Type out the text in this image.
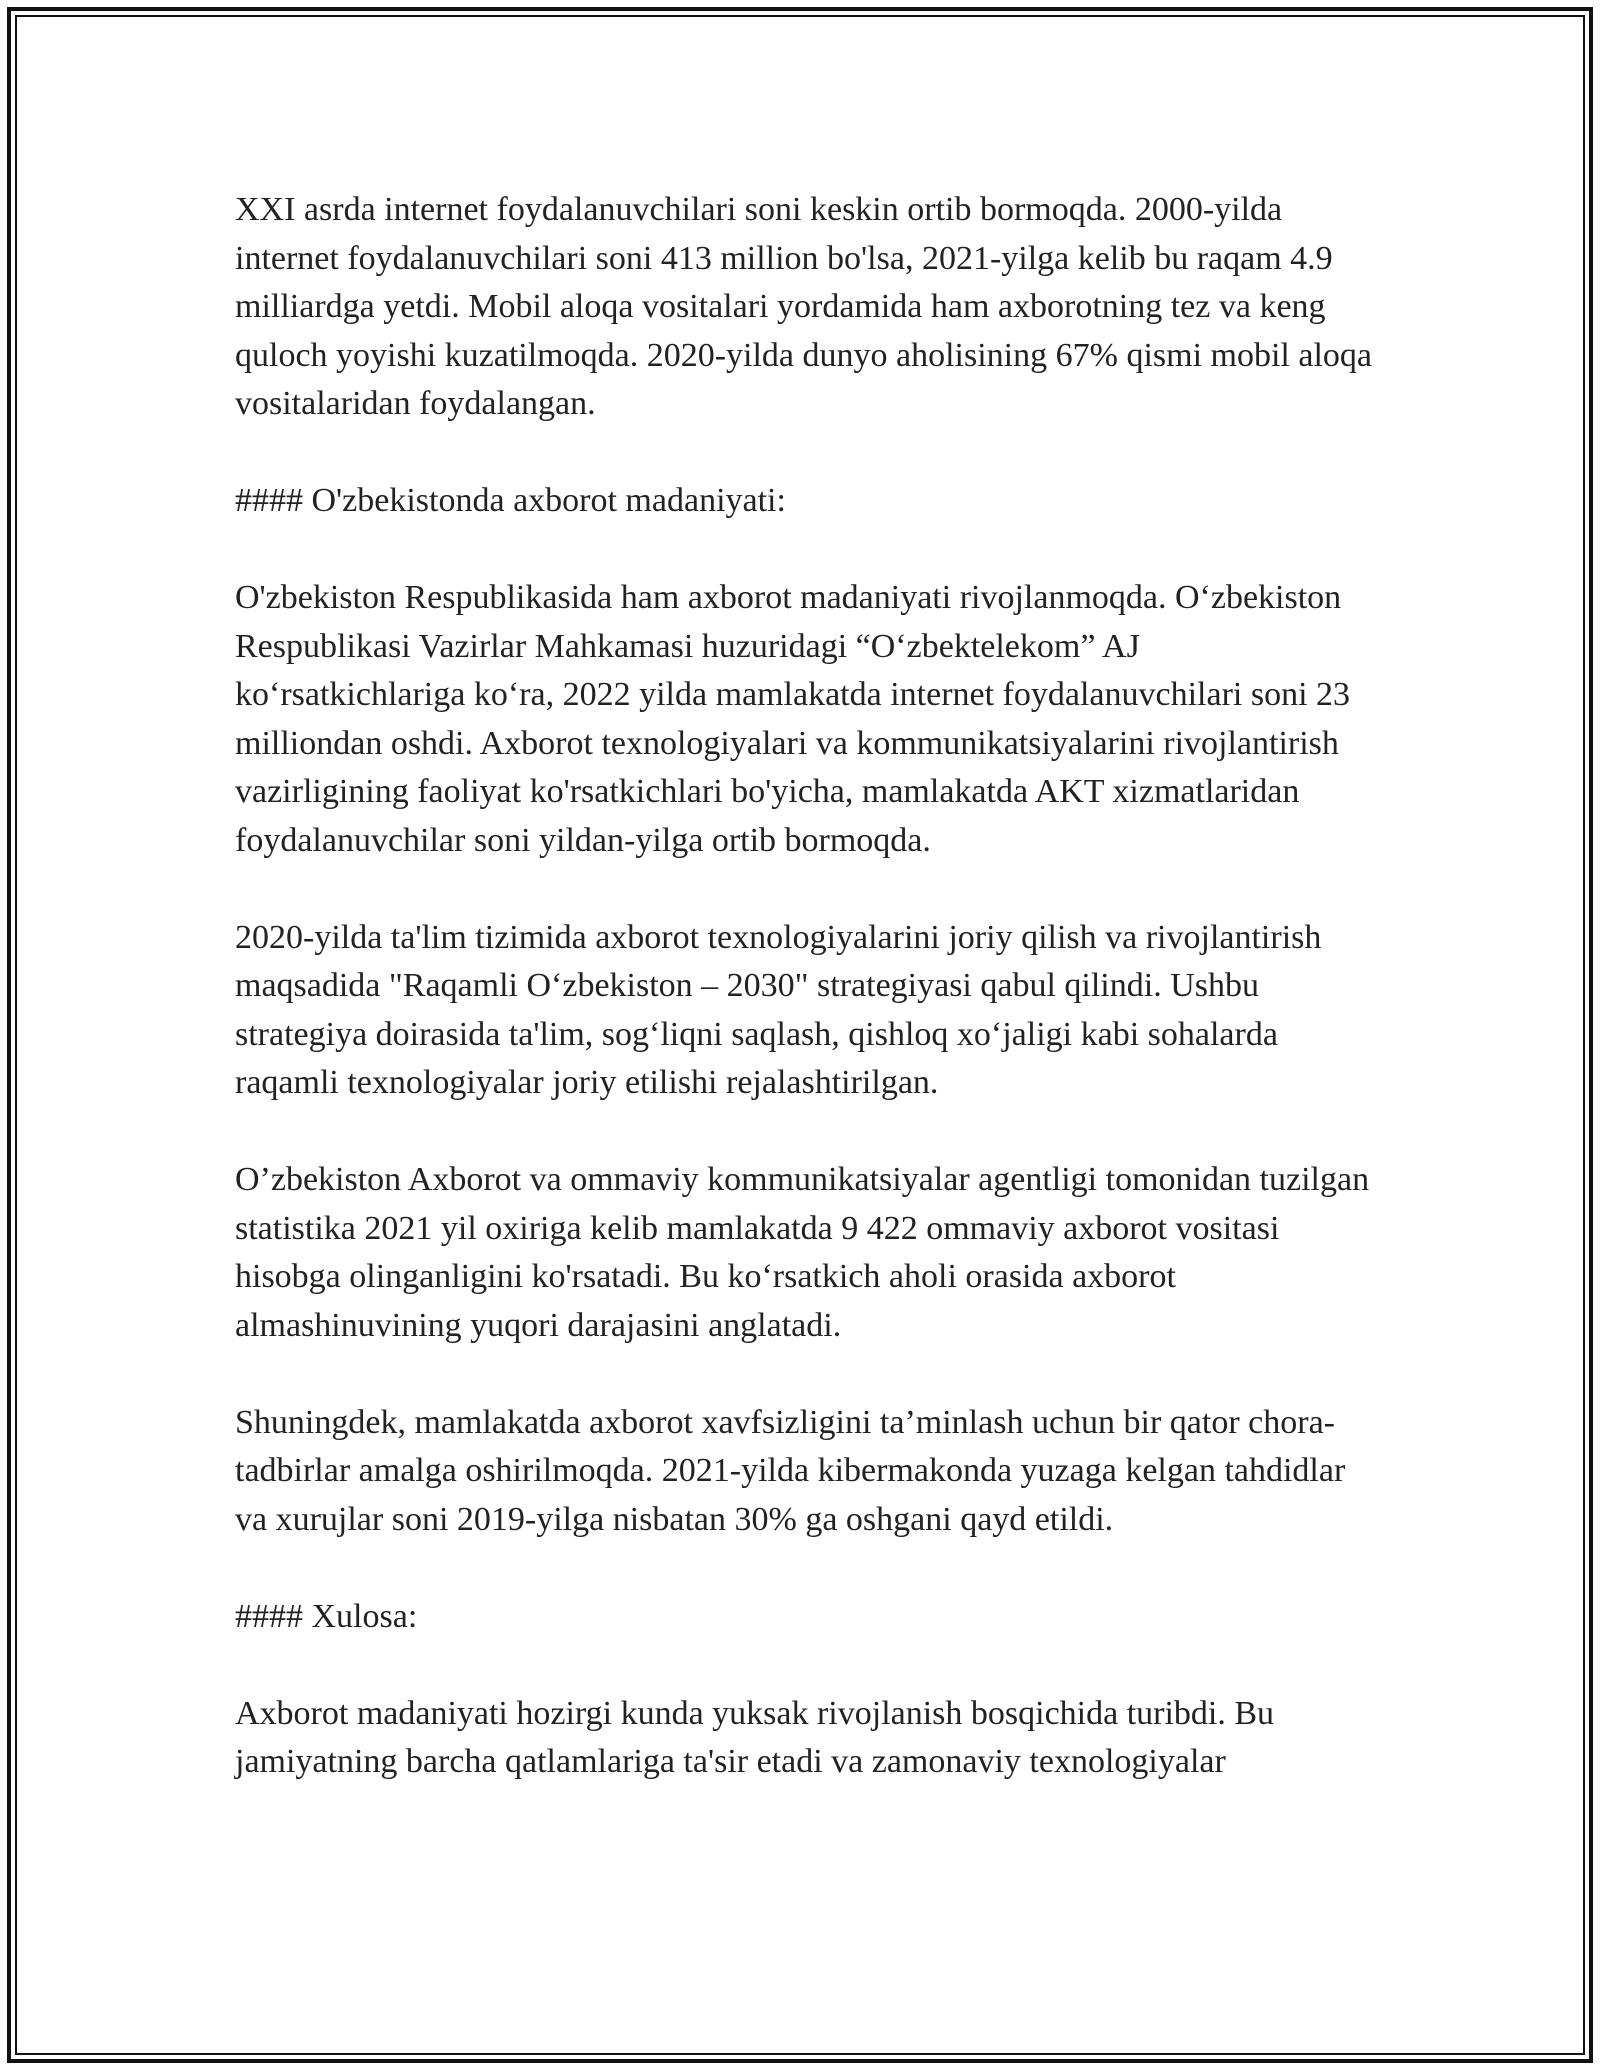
XXI asrda internet foydalanuvchilari soni keskin ortib bormoqda. 2000-yilda internet foydalanuvchilari soni 413 million bo'lsa, 2021-yilga kelib bu raqam 4.9 milliardga yetdi. Mobil aloqa vositalari yordamida ham axborotning tez va keng quloch yoyishi kuzatilmoqda. 2020-yilda dunyo aholisining 67% qismi mobil aloqa vositalaridan foydalangan.

#### O'zbekistonda axborot madaniyati:

O'zbekiston Respublikasida ham axborot madaniyati rivojlanmoqda. O‘zbekiston Respublikasi Vazirlar Mahkamasi huzuridagi “O‘zbektelekom” AJ ko‘rsatkichlariga ko‘ra, 2022 yilda mamlakatda internet foydalanuvchilari soni 23 milliondan oshdi. Axborot texnologiyalari va kommunikatsiyalarini rivojlantirish vazirligining faoliyat ko'rsatkichlari bo'yicha, mamlakatda AKT xizmatlaridan foydalanuvchilar soni yildan-yilga ortib bormoqda.

2020-yilda ta'lim tizimida axborot texnologiyalarini joriy qilish va rivojlantirish maqsadida "Raqamli O‘zbekiston – 2030" strategiyasi qabul qilindi. Ushbu strategiya doirasida ta'lim, sog‘liqni saqlash, qishloq xo‘jaligi kabi sohalarda raqamli texnologiyalar joriy etilishi rejalashtirilgan.

O’zbekiston Axborot va ommaviy kommunikatsiyalar agentligi tomonidan tuzilgan statistika 2021 yil oxiriga kelib mamlakatda 9 422 ommaviy axborot vositasi hisobga olinganligini ko'rsatadi. Bu ko‘rsatkich aholi orasida axborot almashinuvining yuqori darajasini anglatadi.

Shuningdek, mamlakatda axborot xavfsizligini ta’minlash uchun bir qator chora-tadbirlar amalga oshirilmoqda. 2021-yilda kibermakonda yuzaga kelgan tahdidlar va xurujlar soni 2019-yilga nisbatan 30% ga oshgani qayd etildi.

#### Xulosa:

Axborot madaniyati hozirgi kunda yuksak rivojlanish bosqichida turibdi. Bu jamiyatning barcha qatlamlariga ta'sir etadi va zamonaviy texnologiyalar
